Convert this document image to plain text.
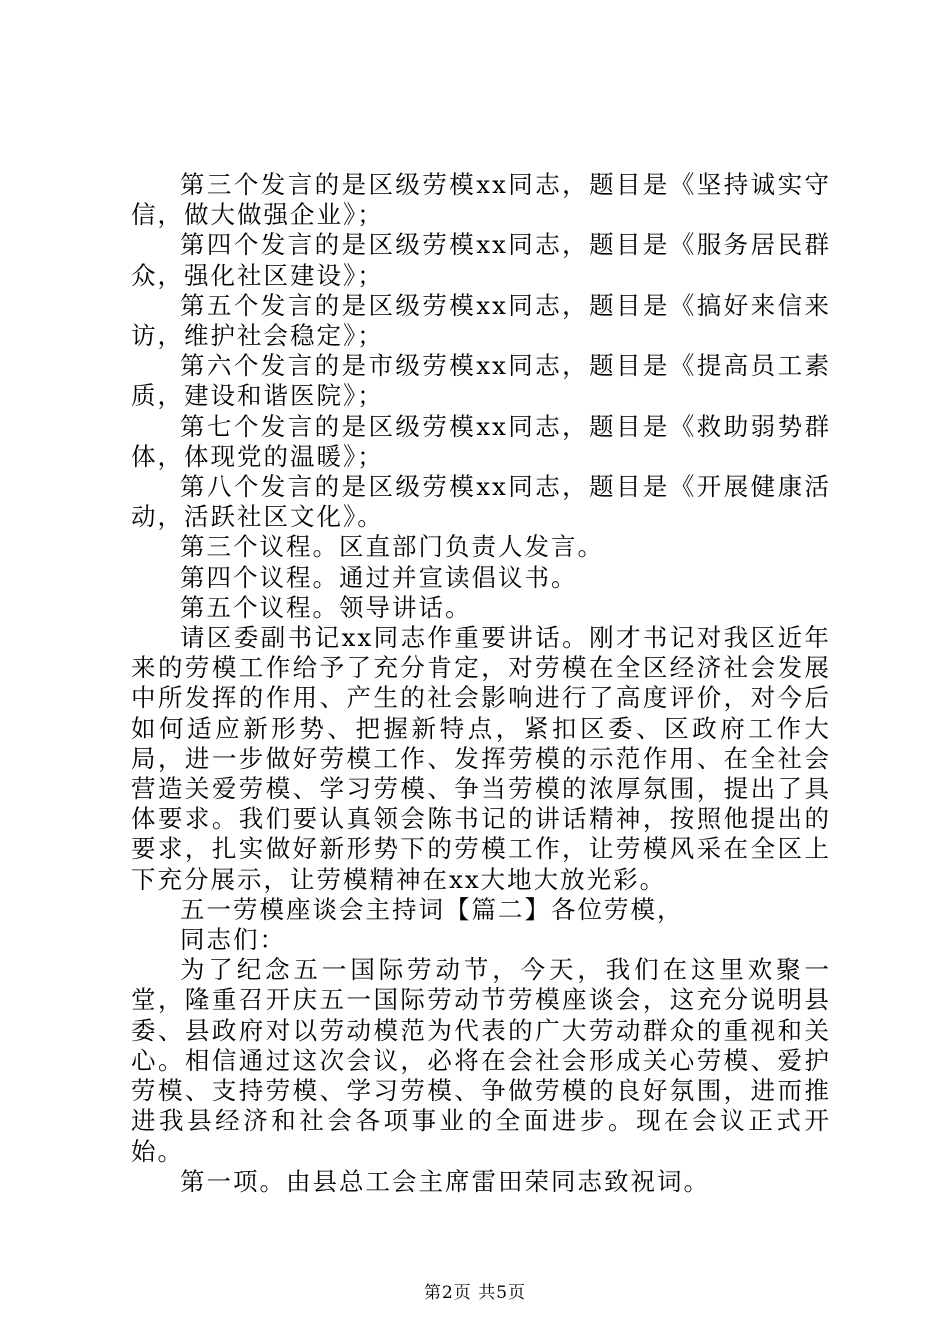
第三个发言的是区级劳模xx同志，题目是《坚持诚实守信，做大做强企业》；

第四个发言的是区级劳模xx同志，题目是《服务居民群众，强化社区建设》；

第五个发言的是区级劳模xx同志，题目是《搞好来信来访，维护社会稳定》；

第六个发言的是市级劳模xx同志，题目是《提高员工素质，建设和谐医院》；

第七个发言的是区级劳模xx同志，题目是《救助弱势群体，体现党的温暖》；

第八个发言的是区级劳模xx同志，题目是《开展健康活动，活跃社区文化》。

第三个议程。区直部门负责人发言。

第四个议程。通过并宣读倡议书。

第五个议程。领导讲话。

请区委副书记xx同志作重要讲话。刚才书记对我区近年来的劳模工作给予了充分肯定，对劳模在全区经济社会发展中所发挥的作用、产生的社会影响进行了高度评价，对今后如何适应新形势、把握新特点，紧扣区委、区政府工作大局，进一步做好劳模工作、发挥劳模的示范作用、在全社会营造关爱劳模、学习劳模、争当劳模的浓厚氛围，提出了具体要求。我们要认真领会陈书记的讲话精神，按照他提出的要求，扎实做好新形势下的劳模工作，让劳模风采在全区上下充分展示，让劳模精神在xx大地大放光彩。

五一劳模座谈会主持词【篇二】各位劳模，

同志们：

为了纪念五一国际劳动节，今天，我们在这里欢聚一堂，隆重召开庆五一国际劳动节劳模座谈会，这充分说明县委、县政府对以劳动模范为代表的广大劳动群众的重视和关心。相信通过这次会议，必将在会社会形成关心劳模、爱护劳模、支持劳模、学习劳模、争做劳模的良好氛围，进而推进我县经济和社会各项事业的全面进步。现在会议正式开始。

第一项。由县总工会主席雷田荣同志致祝词。

第2页 共5页
